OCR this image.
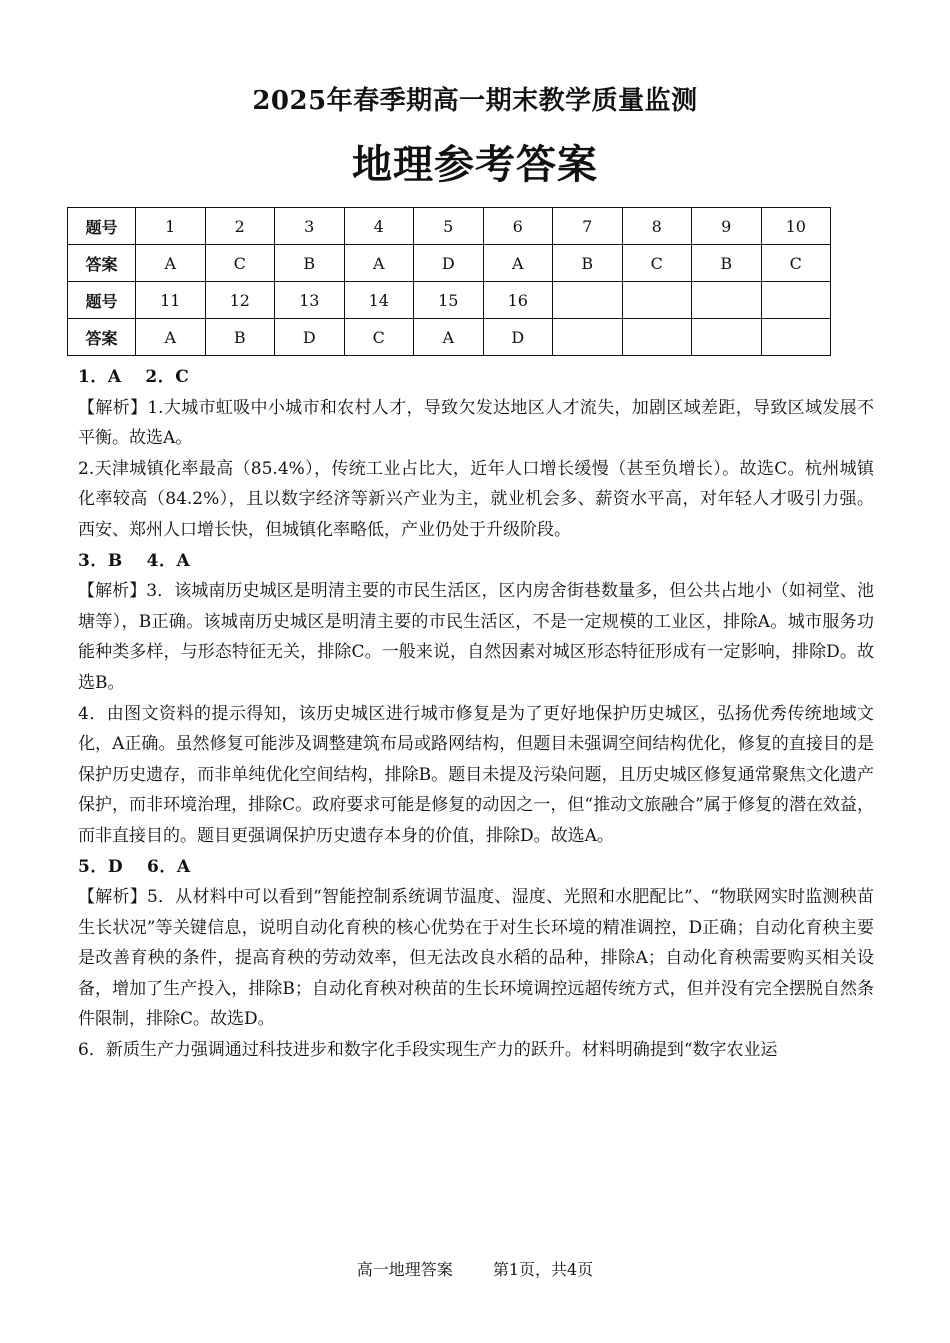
2025年春季期高一期末教学质量监测
地理参考答案
题号	1	2	3	4	5	6	7	8	9	10
答案	A	C	B	A	D	A	B	C	B	C
题号	11	12	13	14	15	16				
答案	A	B	D	C	A	D				

1．A　 2．C

【解析】1.大城市虹吸中小城市和农村人才，导致欠发达地区人才流失，加剧区域差距，导致区域发展不平衡。故选A。

2.天津城镇化率最高（85.4%），传统工业占比大，近年人口增长缓慢（甚至负增长）。故选C。杭州城镇化率较高（84.2%），且以数字经济等新兴产业为主，就业机会多、薪资水平高，对年轻人才吸引力强。 西安、郑州人口增长快，但城镇化率略低，产业仍处于升级阶段。

3．B　 4．A

【解析】3．该城南历史城区是明清主要的市民生活区，区内房舍街巷数量多，但公共占地小（如祠堂、池塘等），B正确。该城南历史城区是明清主要的市民生活区，不是一定规模的工业区，排除A。城市服务功能种类多样，与形态特征无关，排除C。一般来说，自然因素对城区形态特征形成有一定影响，排除D。故选B。

4．由图文资料的提示得知，该历史城区进行城市修复是为了更好地保护历史城区，弘扬优秀传统地域文化，A正确。虽然修复可能涉及调整建筑布局或路网结构，但题目未强调空间结构优化，修复的直接目的是保护历史遗存，而非单纯优化空间结构，排除B。题目未提及污染问题，且历史城区修复通常聚焦文化遗产保护，而非环境治理，排除C。政府要求可能是修复的动因之一，但“推动文旅融合”属于修复的潜在效益，而非直接目的。题目更强调保护历史遗存本身的价值，排除D。故选A。

5．D　 6．A

【解析】5．从材料中可以看到“智能控制系统调节温度、湿度、光照和水肥配比”、“物联网实时监测秧苗生长状况”等关键信息，说明自动化育秧的核心优势在于对生长环境的精准调控，D正确；自动化育秧主要是改善育秧的条件，提高育秧的劳动效率，但无法改良水稻的品种，排除A；自动化育秧需要购买相关设备，增加了生产投入，排除B；自动化育秧对秧苗的生长环境调控远超传统方式，但并没有完全摆脱自然条件限制，排除C。故选D。

6．新质生产力强调通过科技进步和数字化手段实现生产力的跃升。材料明确提到“数字农业运

高一地理答案	第1页，共4页
